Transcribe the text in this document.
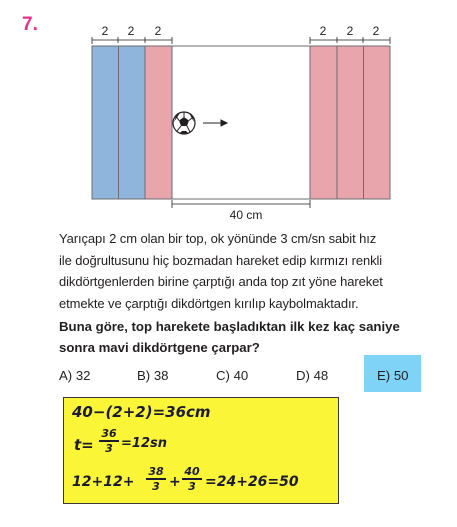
7.	2	2	2	2	2	2
40 cm
Yarıçapı 2 cm olan bir top, ok yönünde 3 cm/sn sabit hız
ile doğrultusunu hiç bozmadan hareket edip kırmızı renkli
dikdörtgenlerden birine çarptığı anda top zıt yöne hareket
etmekte ve çarptığı dikdörtgen kırılıp kaybolmaktadır.
Buna göre, top harekete başladıktan ilk kez kaç saniye
sonra mavi dikdörtgene çarpar?
A) 32	B) 38	C) 40	D) 48	E) 50
40−(2+2)=36cm
t=
36
3 =12sn
12+12+
38
3 +
40
3 =24+26=50
